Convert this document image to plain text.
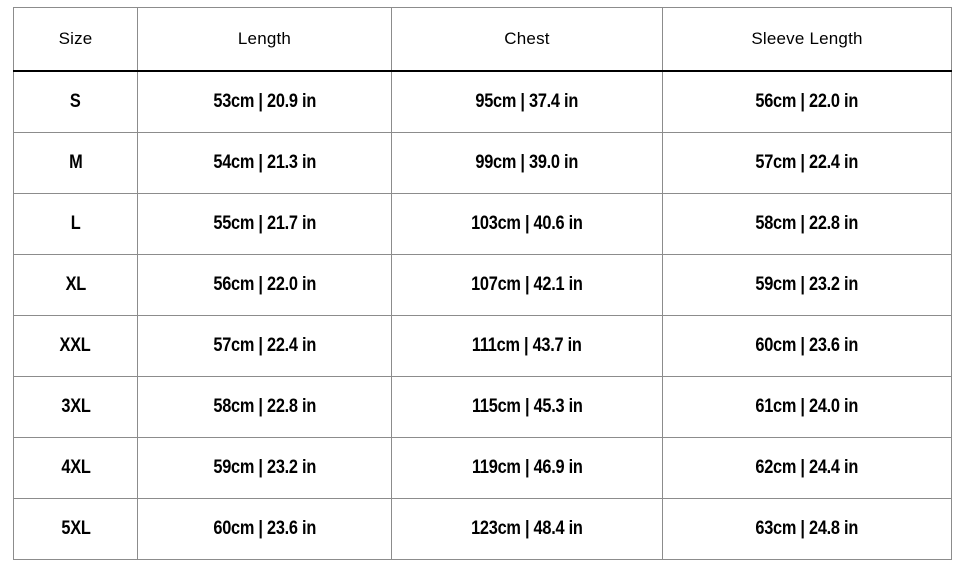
Size	Length	Chest	Sleeve Length
S	53cm | 20.9 in	95cm | 37.4 in	56cm | 22.0 in
M	54cm | 21.3 in	99cm | 39.0 in	57cm | 22.4 in
L	55cm | 21.7 in	103cm | 40.6 in	58cm | 22.8 in
XL	56cm | 22.0 in	107cm | 42.1 in	59cm | 23.2 in
XXL	57cm | 22.4 in	111cm | 43.7 in	60cm | 23.6 in
3XL	58cm | 22.8 in	115cm | 45.3 in	61cm | 24.0 in
4XL	59cm | 23.2 in	119cm | 46.9 in	62cm | 24.4 in
5XL	60cm | 23.6 in	123cm | 48.4 in	63cm | 24.8 in
